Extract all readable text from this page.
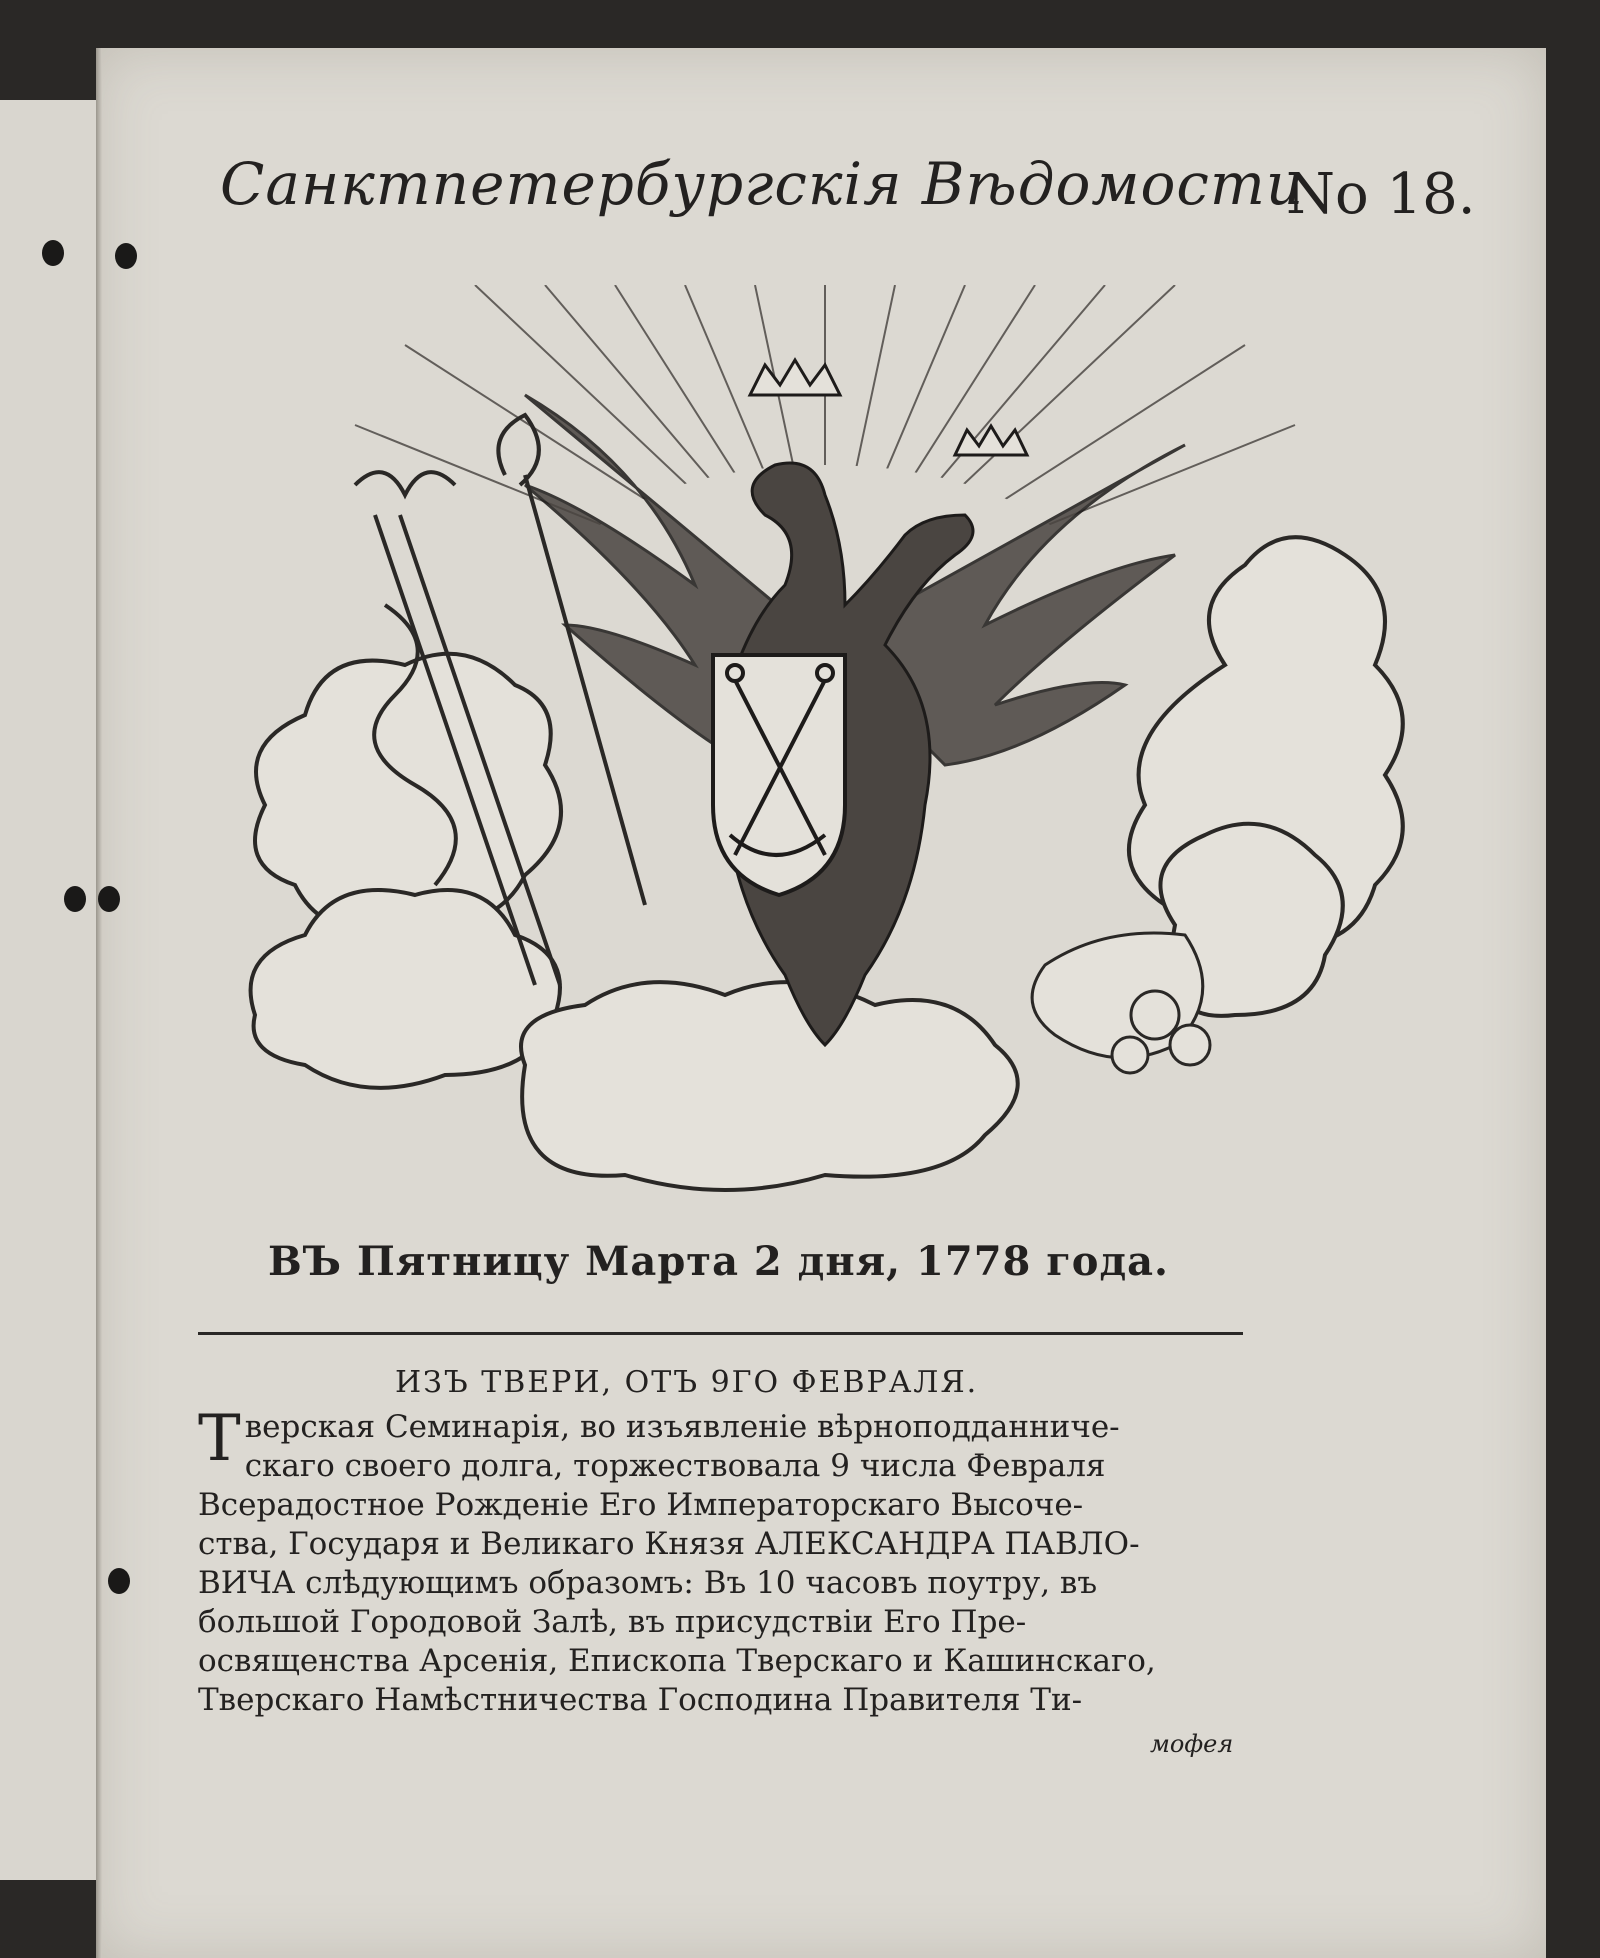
Санктпетербургскія Вѣдомости
No 18.
ВЪ Пятницу Марта 2 дня, 1778 года.
ИЗЪ ТВЕРИ, ОТЪ 9ГО ФЕВРАЛЯ.
Т верская Семинарія, во изъявленіе вѣрноподданниче-
скаго своего долга, торжествовала 9 числа Февраля
Всерадостное Рожденіе Его Императорскаго Высоче-
ства, Государя и Великаго Князя АЛЕКСАНДРА ПАВЛО-
ВИЧА слѣдующимъ образомъ: Въ 10 часовъ поутру, въ
большой Городовой Залѣ, въ присудствіи Его Пре-
освященства Арсенія, Епископа Тверскаго и Кашинскаго,
Тверскаго Намѣстничества Господина Правителя Ти-
мофея
